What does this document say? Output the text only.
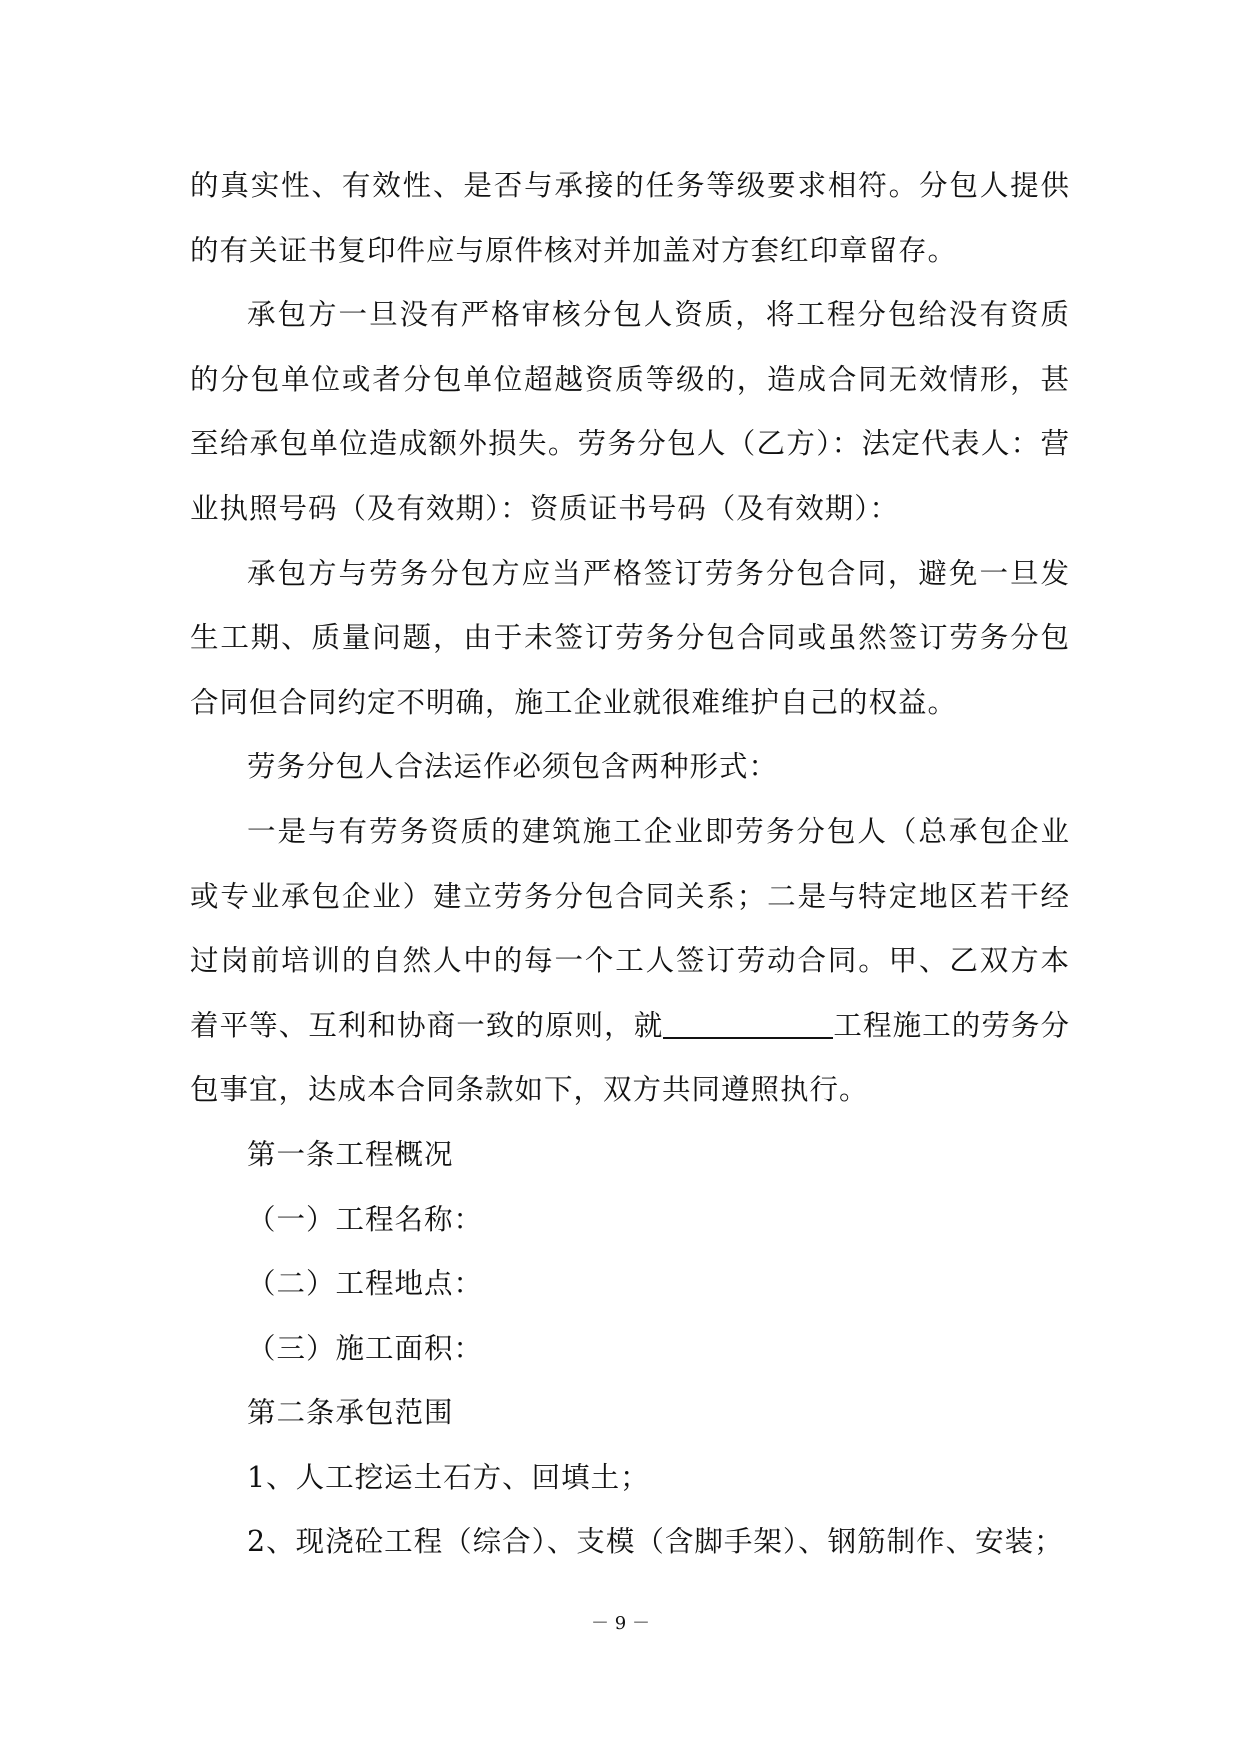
的真实性、有效性、是否与承接的任务等级要求相符。分包人提供的有关证书复印件应与原件核对并加盖对方套红印章留存。

承包方一旦没有严格审核分包人资质，将工程分包给没有资质的分包单位或者分包单位超越资质等级的，造成合同无效情形，甚至给承包单位造成额外损失。劳务分包人（乙方）：法定代表人：营业执照号码（及有效期）：资质证书号码（及有效期）：

承包方与劳务分包方应当严格签订劳务分包合同，避免一旦发生工期、质量问题，由于未签订劳务分包合同或虽然签订劳务分包合同但合同约定不明确，施工企业就很难维护自己的权益。

劳务分包人合法运作必须包含两种形式：

一是与有劳务资质的建筑施工企业即劳务分包人（总承包企业或专业承包企业）建立劳务分包合同关系；二是与特定地区若干经过岗前培训的自然人中的每一个工人签订劳动合同。甲、乙双方本着平等、互利和协商一致的原则，就	工程施工的劳务分包事宜，达成本合同条款如下，双方共同遵照执行。

第一条工程概况

（一）工程名称：

（二）工程地点：

（三）施工面积：

第二条承包范围

1、人工挖运土石方、回填土；

2、现浇砼工程（综合）、支模（含脚手架）、钢筋制作、安装；

－ 9 －
